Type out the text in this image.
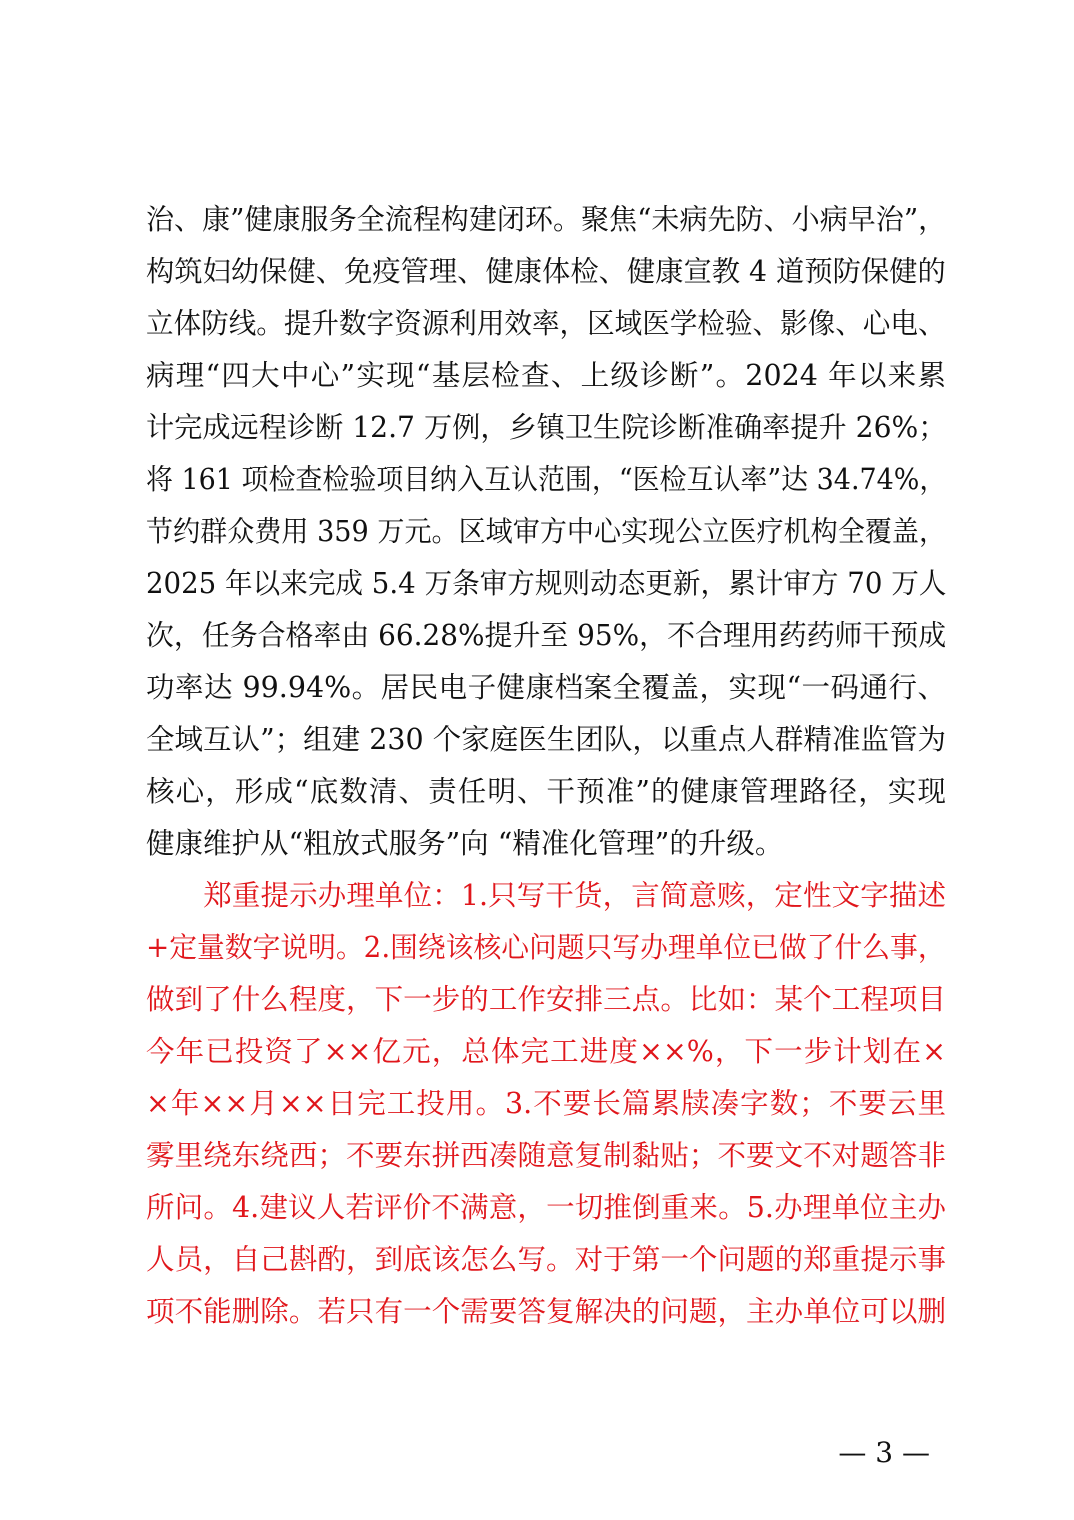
治、康”健康服务全流程构建闭环。聚焦“未病先防、小病早治”，
构筑妇幼保健、免疫管理、健康体检、健康宣教 4 道预防保健的
立体防线。提升数字资源利用效率，区域医学检验、影像、心电、
病理“四大中心”实现“基层检查、上级诊断”。2024 年以来累
计完成远程诊断 12.7 万例，乡镇卫生院诊断准确率提升 26%；
将 161 项检查检验项目纳入互认范围，“医检互认率”达 34.74%，
节约群众费用 359 万元。区域审方中心实现公立医疗机构全覆盖，
2025 年以来完成 5.4 万条审方规则动态更新，累计审方 70 万人
次，任务合格率由 66.28%提升至 95%，不合理用药药师干预成
功率达 99.94%。居民电子健康档案全覆盖，实现“一码通行、
全域互认”；组建 230 个家庭医生团队，以重点人群精准监管为
核心，形成“底数清、责任明、干预准”的健康管理路径，实现
健康维护从“粗放式服务”向 “精准化管理”的升级。
　　郑重提示办理单位：1.只写干货，言简意赅，定性文字描述
+定量数字说明。2.围绕该核心问题只写办理单位已做了什么事，
做到了什么程度，下一步的工作安排三点。比如：某个工程项目
今年已投资了××亿元，总体完工进度××%，下一步计划在×
×年××月××日完工投用。3.不要长篇累牍凑字数；不要云里
雾里绕东绕西；不要东拼西凑随意复制黏贴；不要文不对题答非
所问。4.建议人若评价不满意，一切推倒重来。5.办理单位主办
人员，自己斟酌，到底该怎么写。对于第一个问题的郑重提示事
项不能删除。若只有一个需要答复解决的问题，主办单位可以删
— 3 —
